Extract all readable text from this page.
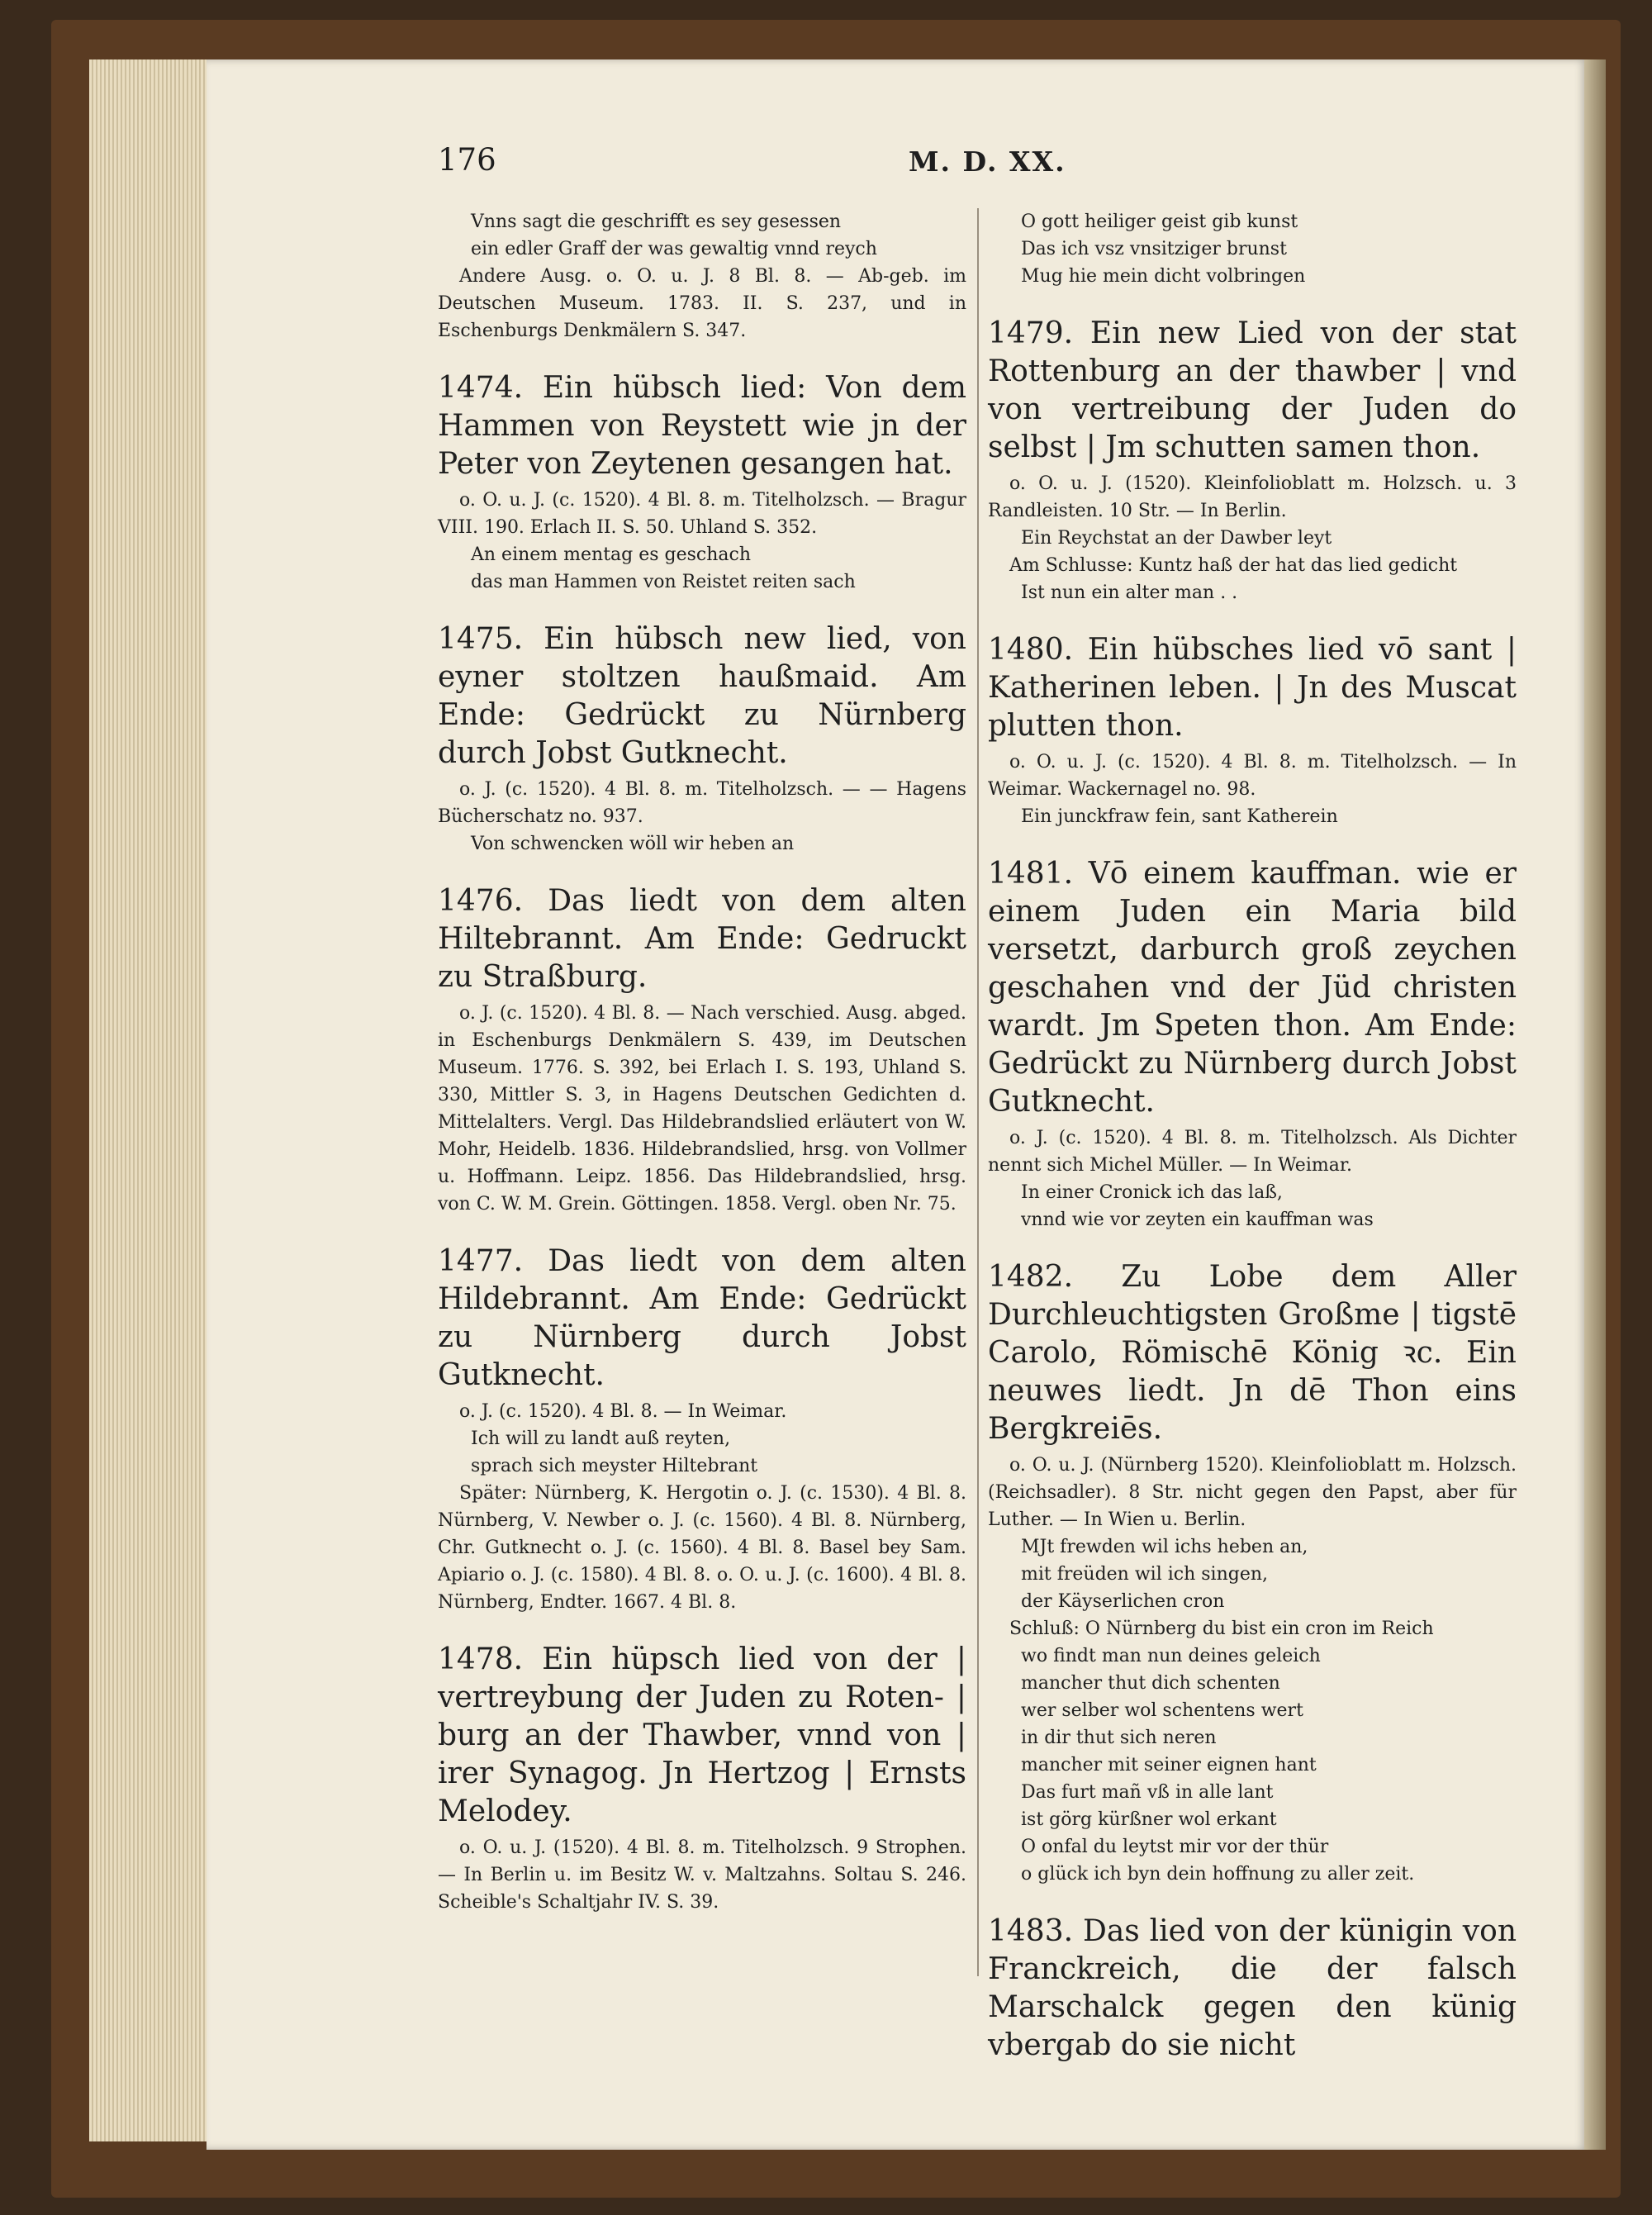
176	M. D. XX.

Vnns sagt die geschrifft es sey gesessen

ein edler Graff der was gewaltig vnnd reych

Andere Ausg. o. O. u. J. 8 Bl. 8. — Ab-geb. im Deutschen Museum. 1783. II. S. 237, und in Eschenburgs Denkmälern S. 347.

1474. Ein hübsch lied: Von dem Hammen von Reystett wie jn der Peter von Zeytenen gesangen hat.

o. O. u. J. (c. 1520). 4 Bl. 8. m. Titelholzsch. — Bragur VIII. 190. Erlach II. S. 50. Uhland S. 352.

An einem mentag es geschach

das man Hammen von Reistet reiten sach

1475. Ein hübsch new lied, von eyner stoltzen haußmaid. Am Ende: Gedrückt zu Nürnberg durch Jobst Gutknecht.

o. J. (c. 1520). 4 Bl. 8. m. Titelholzsch. — — Hagens Bücherschatz no. 937.

Von schwencken wöll wir heben an

1476. Das liedt von dem alten Hiltebrannt. Am Ende: Gedruckt zu Straßburg.

o. J. (c. 1520). 4 Bl. 8. — Nach verschied. Ausg. abged. in Eschenburgs Denkmälern S. 439, im Deutschen Museum. 1776. S. 392, bei Erlach I. S. 193, Uhland S. 330, Mittler S. 3, in Hagens Deutschen Gedichten d. Mittelalters. Vergl. Das Hildebrandslied erläutert von W. Mohr, Heidelb. 1836. Hildebrandslied, hrsg. von Vollmer u. Hoffmann. Leipz. 1856. Das Hildebrandslied, hrsg. von C. W. M. Grein. Göttingen. 1858. Vergl. oben Nr. 75.

1477. Das liedt von dem alten Hildebrannt. Am Ende: Gedrückt zu Nürnberg durch Jobst Gutknecht.

o. J. (c. 1520). 4 Bl. 8. — In Weimar.

Ich will zu landt auß reyten,

sprach sich meyster Hiltebrant

Später: Nürnberg, K. Hergotin o. J. (c. 1530). 4 Bl. 8. Nürnberg, V. Newber o. J. (c. 1560). 4 Bl. 8. Nürnberg, Chr. Gutknecht o. J. (c. 1560). 4 Bl. 8. Basel bey Sam. Apiario o. J. (c. 1580). 4 Bl. 8. o. O. u. J. (c. 1600). 4 Bl. 8. Nürnberg, Endter. 1667. 4 Bl. 8.

1478. Ein hüpsch lied von der | vertreybung der Juden zu Roten- | burg an der Thawber, vnnd von | irer Synagog. Jn Hertzog | Ernsts Melodey.

o. O. u. J. (1520). 4 Bl. 8. m. Titelholzsch. 9 Strophen. — In Berlin u. im Besitz W. v. Maltzahns. Soltau S. 246. Scheible's Schaltjahr IV. S. 39.

O gott heiliger geist gib kunst

Das ich vsz vnsitziger brunst

Mug hie mein dicht volbringen

1479. Ein new Lied von der stat Rottenburg an der thawber | vnd von vertreibung der Juden do selbst | Jm schutten samen thon.

o. O. u. J. (1520). Kleinfolioblatt m. Holzsch. u. 3 Randleisten. 10 Str. — In Berlin.

Ein Reychstat an der Dawber leyt

Am Schlusse: Kuntz haß der hat das lied gedicht

Ist nun ein alter man . .

1480. Ein hübsches lied vō sant | Katherinen leben. | Jn des Muscat plutten thon.

o. O. u. J. (c. 1520). 4 Bl. 8. m. Titelholzsch. — In Weimar. Wackernagel no. 98.

Ein junckfraw fein, sant Katherein

1481. Vō einem kauffman. wie er einem Juden ein Maria bild versetzt, darburch groß zeychen geschahen vnd der Jüd christen wardt. Jm Speten thon. Am Ende: Gedrückt zu Nürnberg durch Jobst Gutknecht.

o. J. (c. 1520). 4 Bl. 8. m. Titelholzsch. Als Dichter nennt sich Michel Müller. — In Weimar.

In einer Cronick ich das laß,

vnnd wie vor zeyten ein kauffman was

1482. Zu Lobe dem Aller Durchleuchtigsten Großme | tigstē Carolo, Römischē König ꝛc. Ein neuwes liedt. Jn dē Thon eins Bergkreiēs.

o. O. u. J. (Nürnberg 1520). Kleinfolioblatt m. Holzsch. (Reichsadler). 8 Str. nicht gegen den Papst, aber für Luther. — In Wien u. Berlin.

MJt frewden wil ichs heben an,

mit freüden wil ich singen,

der Käyserlichen cron

Schluß: O Nürnberg du bist ein cron im Reich

wo findt man nun deines geleich

mancher thut dich schenten

wer selber wol schentens wert

in dir thut sich neren

mancher mit seiner eignen hant

Das furt mañ vß in alle lant

ist görg kürßner wol erkant

O onfal du leytst mir vor der thür

o glück ich byn dein hoffnung zu aller zeit.

1483. Das lied von der künigin von Franckreich, die der falsch Marschalck gegen den künig vbergab do sie nicht
